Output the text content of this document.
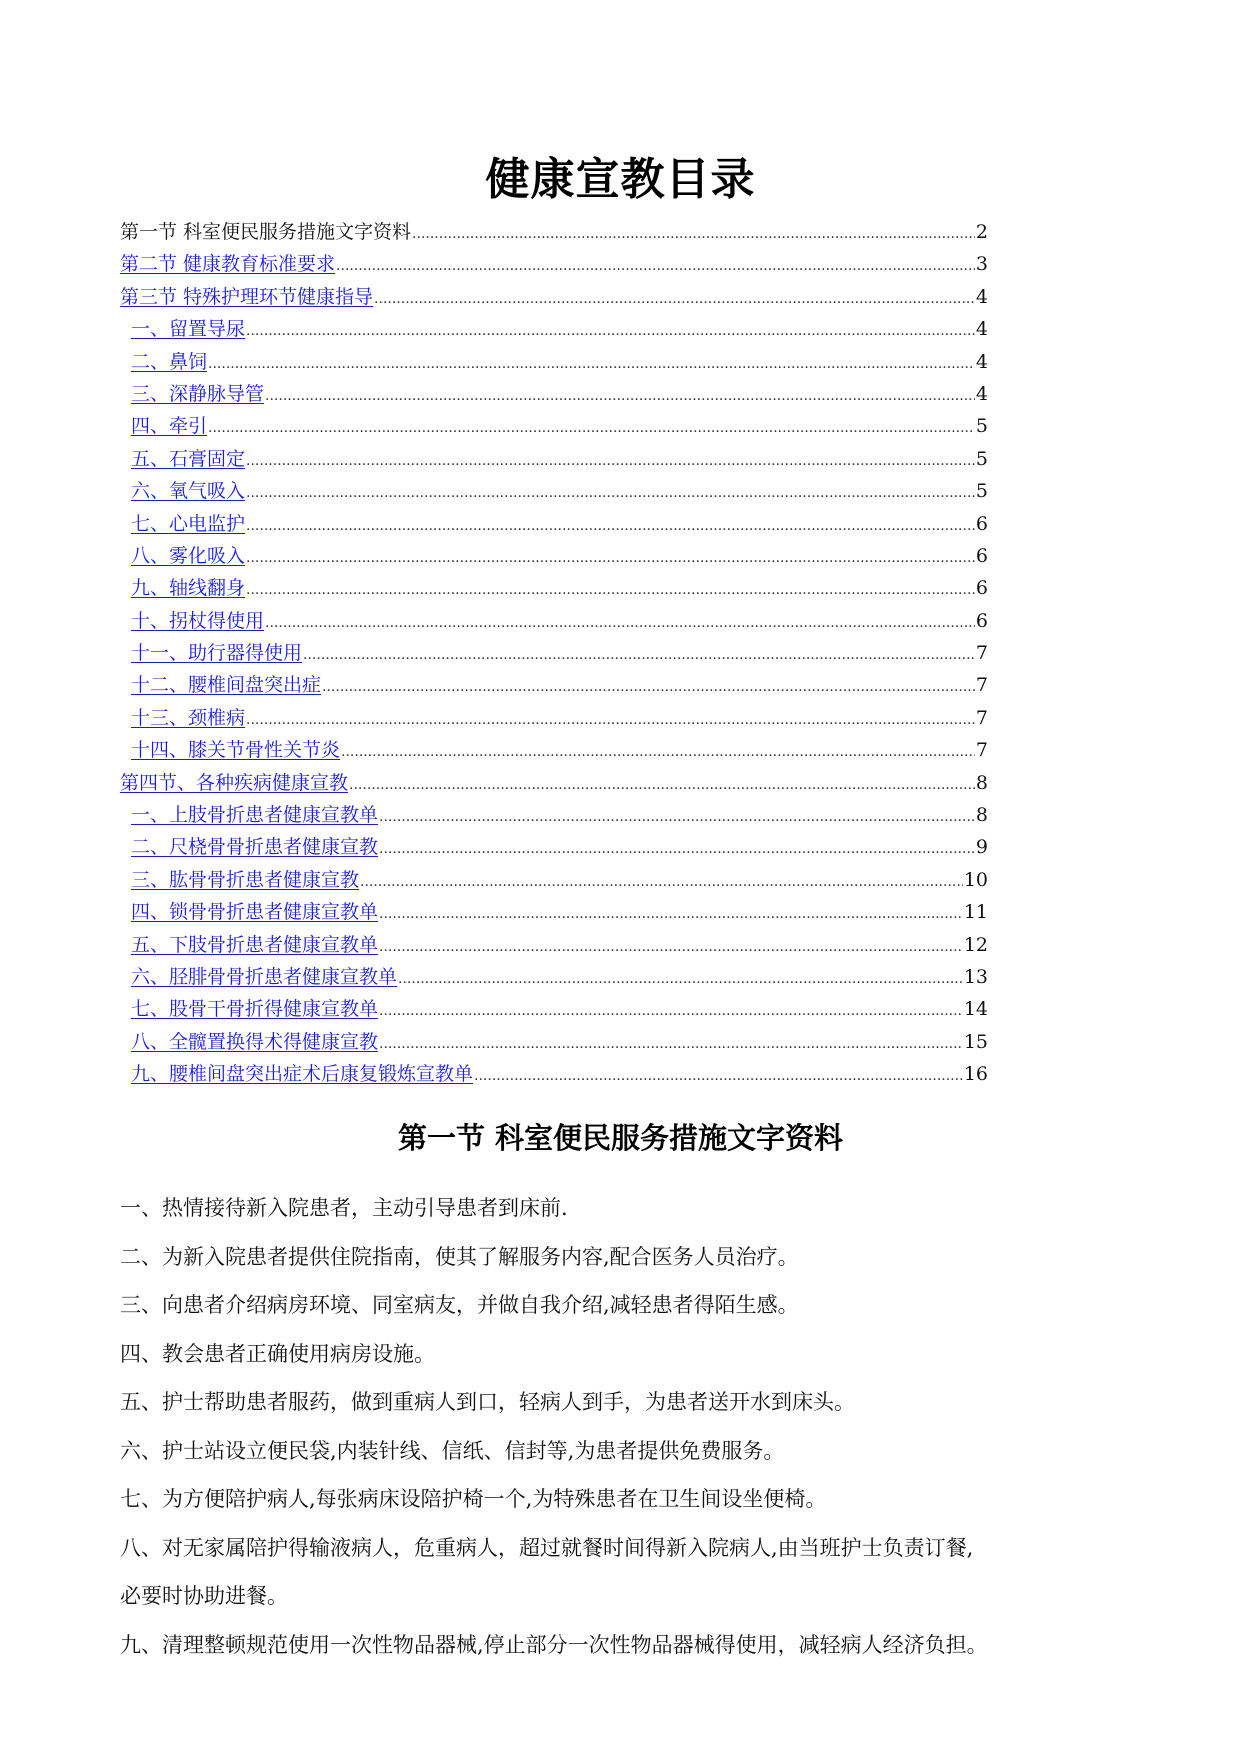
健康宣教目录
第一节 科室便民服务措施文字资料 .....	2
第二节 健康教育标准要求 .....	3
第三节 特殊护理环节健康指导 .....	4
一、留置导尿 .....	4
二、鼻饲 .....	4
三、深静脉导管 .....	4
四、牵引 .....	5
五、石膏固定 .....	5
六、氧气吸入 .....	5
七、心电监护 .....	6
八、雾化吸入 .....	6
九、轴线翻身 .....	6
十、拐杖得使用 .....	6
十一、助行器得使用 .....	7
十二、腰椎间盘突出症 .....	7
十三、颈椎病 .....	7
十四、膝关节骨性关节炎 .....	7
第四节、各种疾病健康宣教 .....	8
一、上肢骨折患者健康宣教单 .....	8
二、尺桡骨骨折患者健康宣教 .....	9
三、肱骨骨折患者健康宣教 .....	10
四、锁骨骨折患者健康宣教单 .....	11
五、下肢骨折患者健康宣教单 .....	12
六、胫腓骨骨折患者健康宣教单 .....	13
七、股骨干骨折得健康宣教单 .....	14
八、全髋置换得术得健康宣教 .....	15
九、腰椎间盘突出症术后康复锻炼宣教单 .....	16
第一节 科室便民服务措施文字资料
一、热情接待新入院患者，主动引导患者到床前.
二、为新入院患者提供住院指南，使其了解服务内容,配合医务人员治疗。
三、向患者介绍病房环境、同室病友，并做自我介绍,减轻患者得陌生感。
四、教会患者正确使用病房设施。
五、护士帮助患者服药，做到重病人到口，轻病人到手，为患者送开水到床头。
六、护士站设立便民袋,内装针线、信纸、信封等,为患者提供免费服务。
七、为方便陪护病人,每张病床设陪护椅一个,为特殊患者在卫生间设坐便椅。
八、对无家属陪护得输液病人，危重病人，超过就餐时间得新入院病人,由当班护士负责订餐,
必要时协助进餐。
九、清理整顿规范使用一次性物品器械,停止部分一次性物品器械得使用，减轻病人经济负担。
